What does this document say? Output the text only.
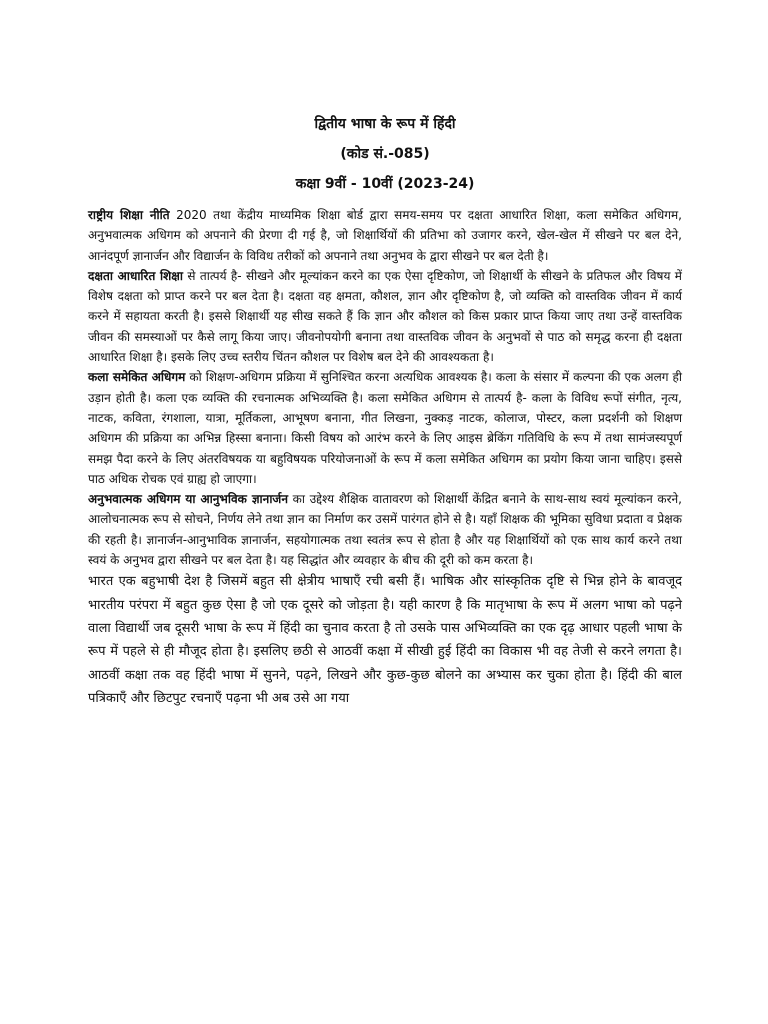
द्वितीय भाषा के रूप में हिंदी

(कोड सं.-085)

कक्षा 9वीं - 10वीं (2023-24)

राष्ट्रीय शिक्षा नीति 2020 तथा केंद्रीय माध्यमिक शिक्षा बोर्ड द्वारा समय-समय पर दक्षता आधारित शिक्षा, कला समेकित अधिगम, अनुभवात्मक अधिगम को अपनाने की प्रेरणा दी गई है, जो शिक्षार्थियों की प्रतिभा को उजागर करने, खेल-खेल में सीखने पर बल देने, आनंदपूर्ण ज्ञानार्जन और विद्यार्जन के विविध तरीकों को अपनाने तथा अनुभव के द्वारा सीखने पर बल देती है।

दक्षता आधारित शिक्षा से तात्पर्य है- सीखने और मूल्यांकन करने का एक ऐसा दृष्टिकोण, जो शिक्षार्थी के सीखने के प्रतिफल और विषय में विशेष दक्षता को प्राप्त करने पर बल देता है। दक्षता वह क्षमता, कौशल, ज्ञान और दृष्टिकोण है, जो व्यक्ति को वास्तविक जीवन में कार्य करने में सहायता करती है। इससे शिक्षार्थी यह सीख सकते हैं कि ज्ञान और कौशल को किस प्रकार प्राप्त किया जाए तथा उन्हें वास्तविक जीवन की समस्याओं पर कैसे लागू किया जाए। जीवनोपयोगी बनाना तथा वास्तविक जीवन के अनुभवों से पाठ को समृद्ध करना ही दक्षता आधारित शिक्षा है। इसके लिए उच्च स्तरीय चिंतन कौशल पर विशेष बल देने की आवश्यकता है।

कला समेकित अधिगम को शिक्षण-अधिगम प्रक्रिया में सुनिश्चित करना अत्यधिक आवश्यक है। कला के संसार में कल्पना की एक अलग ही उड़ान होती है। कला एक व्यक्ति की रचनात्मक अभिव्यक्ति है। कला समेकित अधिगम से तात्पर्य है- कला के विविध रूपों संगीत, नृत्य, नाटक, कविता, रंगशाला, यात्रा, मूर्तिकला, आभूषण बनाना, गीत लिखना, नुक्कड़ नाटक, कोलाज, पोस्टर, कला प्रदर्शनी को शिक्षण अधिगम की प्रक्रिया का अभिन्न हिस्सा बनाना। किसी विषय को आरंभ करने के लिए आइस ब्रेकिंग गतिविधि के रूप में तथा सामंजस्यपूर्ण समझ पैदा करने के लिए अंतरविषयक या बहुविषयक परियोजनाओं के रूप में कला समेकित अधिगम का प्रयोग किया जाना चाहिए। इससे पाठ अधिक रोचक एवं ग्राह्य हो जाएगा।

अनुभवात्मक अधिगम या आनुभविक ज्ञानार्जन का उद्देश्य शैक्षिक वातावरण को शिक्षार्थी केंद्रित बनाने के साथ-साथ स्वयं मूल्यांकन करने, आलोचनात्मक रूप से सोचने, निर्णय लेने तथा ज्ञान का निर्माण कर उसमें पारंगत होने से है। यहाँ शिक्षक की भूमिका सुविधा प्रदाता व प्रेक्षक की रहती है। ज्ञानार्जन-आनुभाविक ज्ञानार्जन, सहयोगात्मक तथा स्वतंत्र रूप से होता है और यह शिक्षार्थियों को एक साथ कार्य करने तथा स्वयं के अनुभव द्वारा सीखने पर बल देता है। यह सिद्धांत और व्यवहार के बीच की दूरी को कम करता है।

भारत एक बहुभाषी देश है जिसमें बहुत सी क्षेत्रीय भाषाएँ रची बसी हैं। भाषिक और सांस्कृतिक दृष्टि से भिन्न होने के बावजूद भारतीय परंपरा में बहुत कुछ ऐसा है जो एक दूसरे को जोड़ता है। यही कारण है कि मातृभाषा के रूप में अलग भाषा को पढ़ने वाला विद्यार्थी जब दूसरी भाषा के रूप में हिंदी का चुनाव करता है तो उसके पास अभिव्यक्ति का एक दृढ़ आधार पहली भाषा के रूप में पहले से ही मौजूद होता है। इसलिए छठी से आठवीं कक्षा में सीखी हुई हिंदी का विकास भी वह तेजी से करने लगता है। आठवीं कक्षा तक वह हिंदी भाषा में सुनने, पढ़ने, लिखने और कुछ-कुछ बोलने का अभ्यास कर चुका होता है। हिंदी की बाल पत्रिकाएँ और छिटपुट रचनाएँ पढ़ना भी अब उसे आ गया
